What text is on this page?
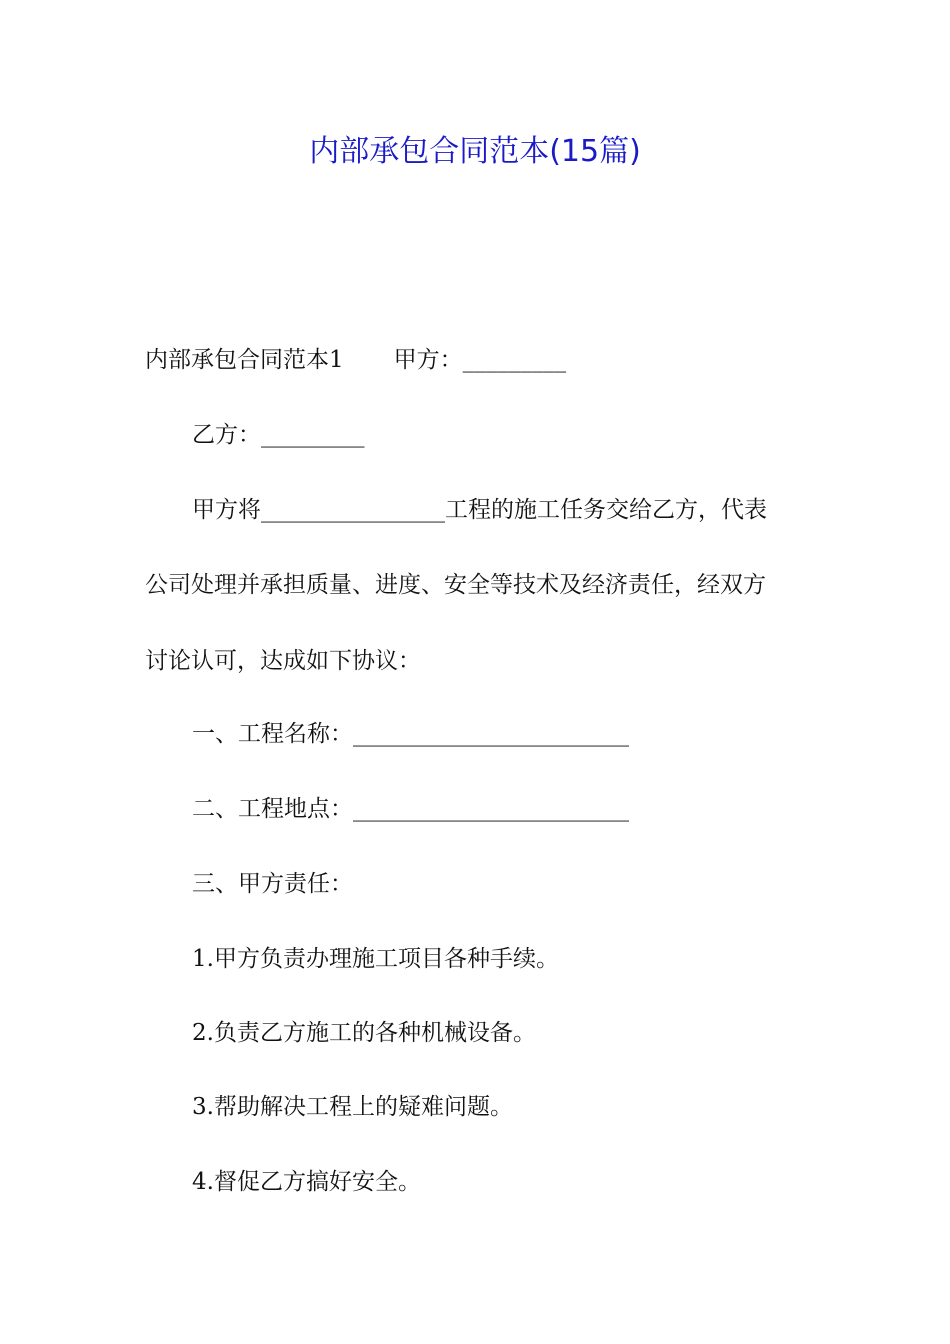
内部承包合同范本(15篇)
内部承包合同范本1 甲方：_________
乙方：_________
甲方将________________工程的施工任务交给乙方，代表
公司处理并承担质量、进度、安全等技术及经济责任，经双方
讨论认可，达成如下协议：
一、工程名称：________________________
二、工程地点：________________________
三、甲方责任：
1.甲方负责办理施工项目各种手续。
2.负责乙方施工的各种机械设备。
3.帮助解决工程上的疑难问题。
4.督促乙方搞好安全。
